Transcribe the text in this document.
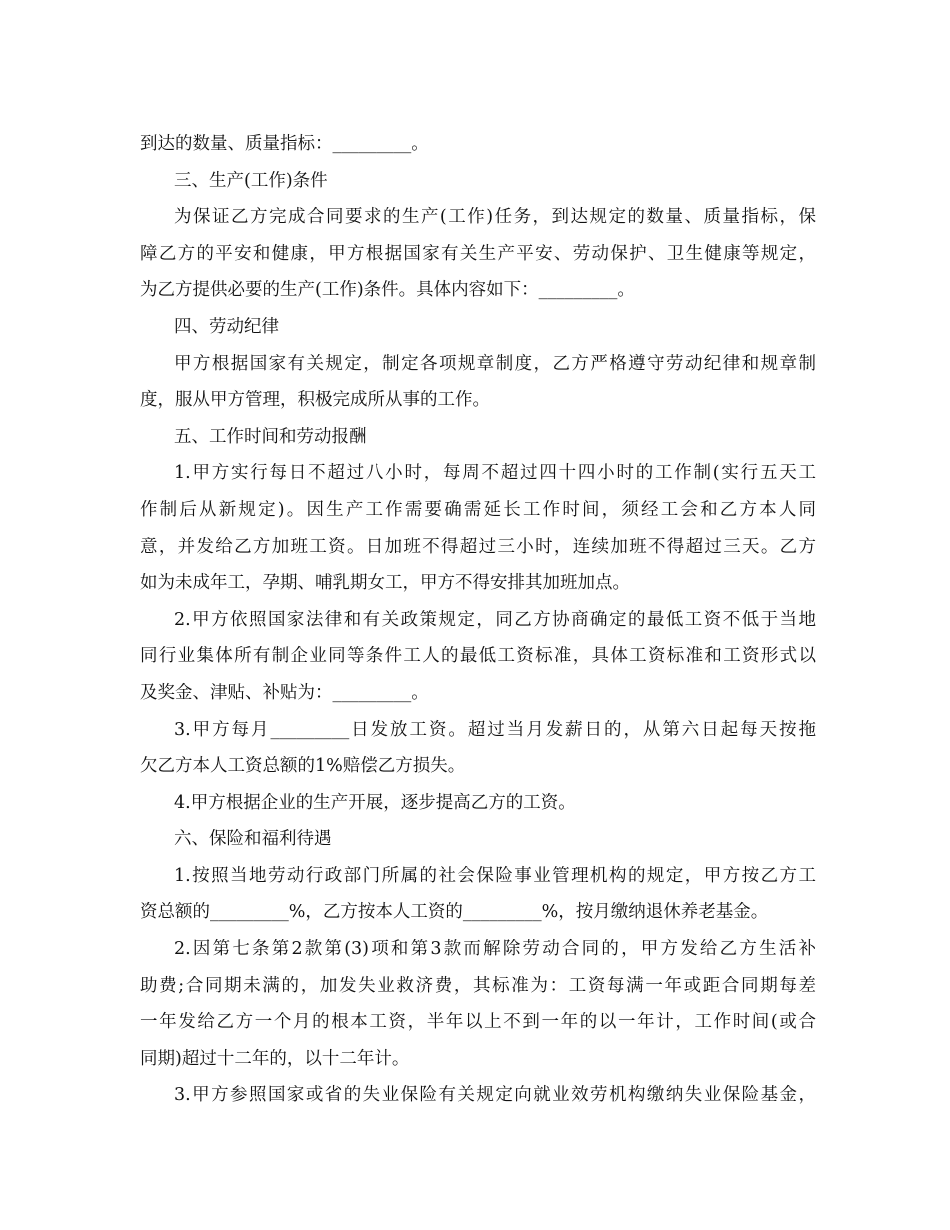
到达的数量、质量指标：_________。
三、生产(工作)条件
为保证乙方完成合同要求的生产(工作)任务，到达规定的数量、质量指标，保
障乙方的平安和健康，甲方根据国家有关生产平安、劳动保护、卫生健康等规定，
为乙方提供必要的生产(工作)条件。具体内容如下：_________。
四、劳动纪律
甲方根据国家有关规定，制定各项规章制度，乙方严格遵守劳动纪律和规章制
度，服从甲方管理，积极完成所从事的工作。
五、工作时间和劳动报酬
1.甲方实行每日不超过八小时，每周不超过四十四小时的工作制(实行五天工
作制后从新规定)。因生产工作需要确需延长工作时间，须经工会和乙方本人同
意，并发给乙方加班工资。日加班不得超过三小时，连续加班不得超过三天。乙方
如为未成年工，孕期、哺乳期女工，甲方不得安排其加班加点。
2.甲方依照国家法律和有关政策规定，同乙方协商确定的最低工资不低于当地
同行业集体所有制企业同等条件工人的最低工资标准，具体工资标准和工资形式以
及奖金、津贴、补贴为：_________。
3.甲方每月_________日发放工资。超过当月发薪日的，从第六日起每天按拖
欠乙方本人工资总额的1%赔偿乙方损失。
4.甲方根据企业的生产开展，逐步提高乙方的工资。
六、保险和福利待遇
1.按照当地劳动行政部门所属的社会保险事业管理机构的规定，甲方按乙方工
资总额的_________%，乙方按本人工资的_________%，按月缴纳退休养老基金。
2.因第七条第2款第(3)项和第3款而解除劳动合同的，甲方发给乙方生活补
助费;合同期未满的，加发失业救济费，其标准为：工资每满一年或距合同期每差
一年发给乙方一个月的根本工资，半年以上不到一年的以一年计，工作时间(或合
同期)超过十二年的，以十二年计。
3.甲方参照国家或省的失业保险有关规定向就业效劳机构缴纳失业保险基金，
